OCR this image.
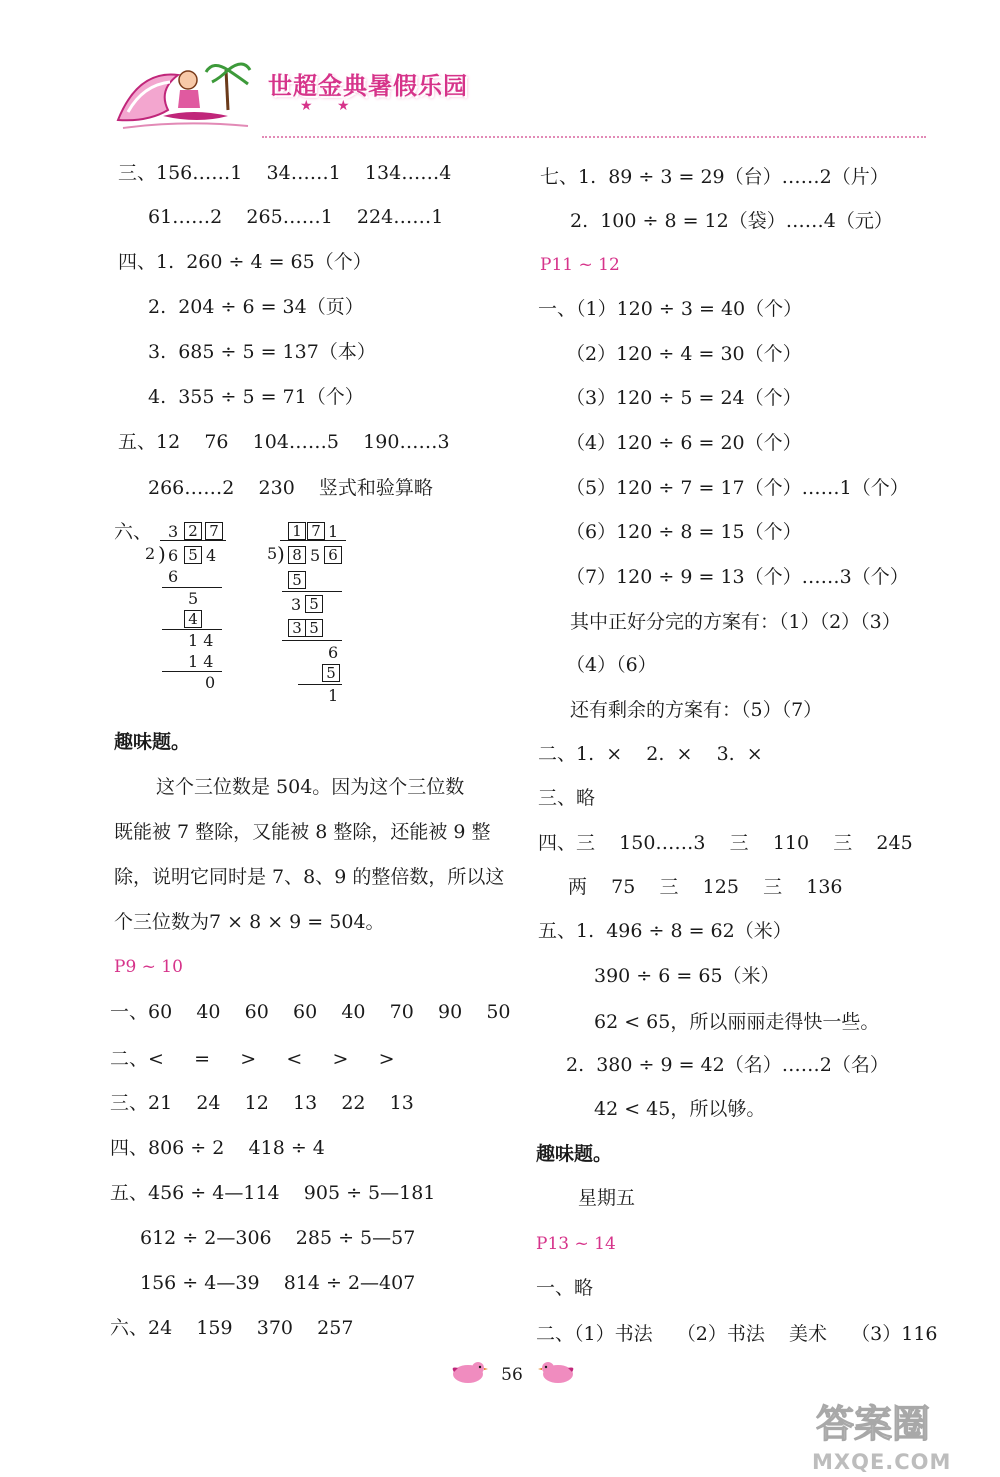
世超金典暑假乐园
★ ★
三、156……1    34……1    134……4
61……2    265……1    224……1
四、1.  260 ÷ 4 = 65（个）
2.  204 ÷ 6 = 34（页）
3.  685 ÷ 5 = 137（本）
4.  355 ÷ 5 = 71（个）
五、12    76    104……5    190……3
266……2    230    竖式和验算略
六、 3 2 7
2 ) 6 5 4
6
5
4
1 4
1 4
0
1 7 1
5 ) 8 5 6
5
3 5
3 5
6
5
1
趣味题。
这个三位数是 504。因为这个三位数
既能被 7 整除，又能被 8 整除，还能被 9 整
除，说明它同时是 7、8、9 的整倍数，所以这
个三位数为7 × 8 × 9 = 504。
P9 ~ 10
一、60    40    60    60    40    70    90    50
二、<     =     >     <     >     >
三、21    24    12    13    22    13
四、806 ÷ 2    418 ÷ 4
五、456 ÷ 4—114    905 ÷ 5—181
612 ÷ 2—306    285 ÷ 5—57
156 ÷ 4—39    814 ÷ 2—407
六、24    159    370    257
七、1.  89 ÷ 3 = 29（台）……2（片）
2.  100 ÷ 8 = 12（袋）……4（元）
P11 ~ 12
一、（1）120 ÷ 3 = 40（个）
（2）120 ÷ 4 = 30（个）
（3）120 ÷ 5 = 24（个）
（4）120 ÷ 6 = 20（个）
（5）120 ÷ 7 = 17（个）……1（个）
（6）120 ÷ 8 = 15（个）
（7）120 ÷ 9 = 13（个）……3（个）
其中正好分完的方案有：（1）（2）（3）
（4）（6）
还有剩余的方案有：（5）（7）
二、1.  ×    2.  ×    3.  ×
三、略
四、三    150……3    三    110    三    245
两    75    三    125    三    136
五、1.  496 ÷ 8 = 62（米）
390 ÷ 6 = 65（米）
62 < 65，所以丽丽走得快一些。
2.  380 ÷ 9 = 42（名）……2（名）
42 < 45，所以够。
趣味题。
星期五
P13 ~ 14
一、略
二、（1）书法    （2）书法    美术    （3）116
56
答案圈
MXQE.COM
